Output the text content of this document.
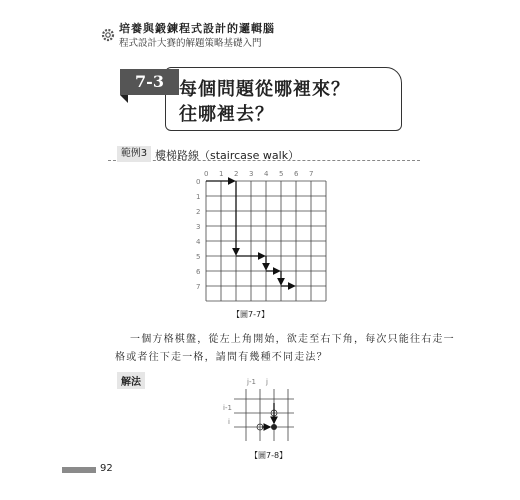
培養與鍛鍊程式設計的邏輯腦
程式設計大賽的解題策略基礎入門
7-3 每個問題從哪裡來？
往哪裡去？
範例3 樓梯路線（staircase walk）
0 1 2 3 4 5 6 7
0
1
2
3
4
5
6
7
【圖7-7】
一個方格棋盤，從左上角開始，欲走至右下角，每次只能往右走一
格或者往下走一格，請問有幾種不同走法？
解法	j-1 j
i-1
i
【圖7-8】
92
